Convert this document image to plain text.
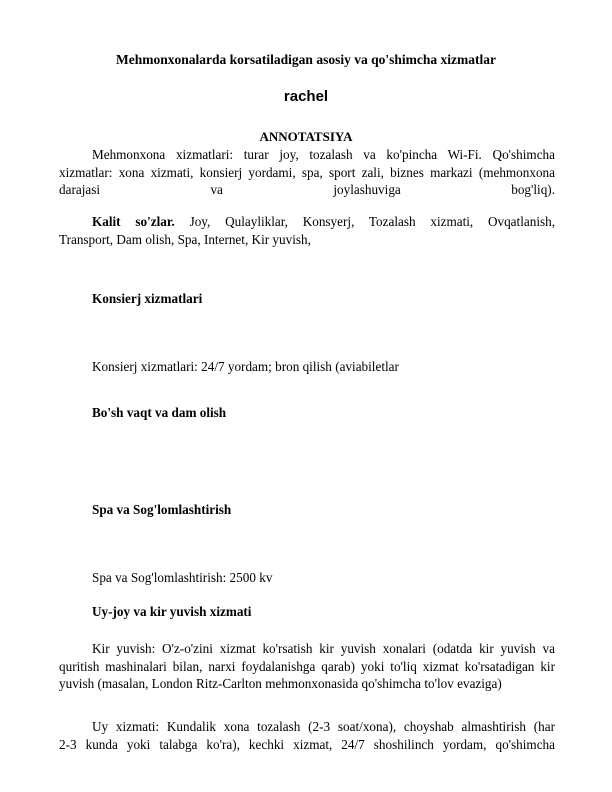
Mehmonxonalarda korsatiladigan asosiy va qo'shimcha xizmatlar
rachel
ANNOTATSIYA
Mehmonxona xizmatlari: turar joy, tozalash va ko'pincha Wi-Fi. Qo'shimcha
xizmatlar: xona xizmati, konsierj yordami, spa, sport zali, biznes markazi (mehmonxona
darajasi va joylashuviga bog'liq).
Kalit so'zlar. Joy, Qulayliklar, Konsyerj, Tozalash xizmati, Ovqatlanish,
Transport, Dam olish, Spa, Internet, Kir yuvish,
Konsierj xizmatlari
Konsierj xizmatlari: 24/7 yordam; bron qilish (aviabiletlar
Bo'sh vaqt va dam olish
Spa va Sog'lomlashtirish
Spa va Sog'lomlashtirish: 2500 kv
Uy-joy va kir yuvish xizmati
Kir yuvish: O'z-o'zini xizmat ko'rsatish kir yuvish xonalari (odatda kir yuvish va
quritish mashinalari bilan, narxi foydalanishga qarab) yoki to'liq xizmat ko'rsatadigan kir
yuvish (masalan, London Ritz-Carlton mehmonxonasida qo'shimcha to'lov evaziga)
Uy xizmati: Kundalik xona tozalash (2-3 soat/xona), choyshab almashtirish (har
2-3 kunda yoki talabga ko'ra), kechki xizmat, 24/7 shoshilinch yordam, qo'shimcha
